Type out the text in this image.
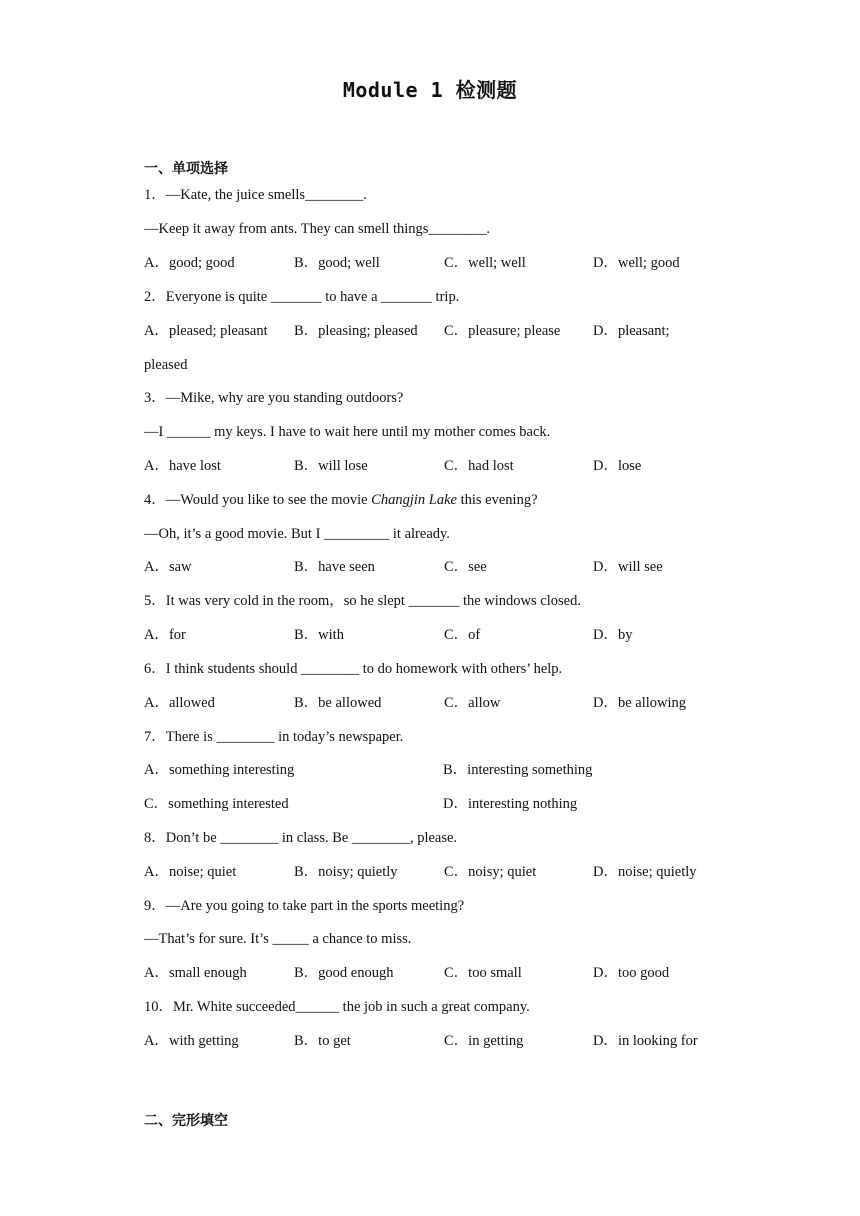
Module 1 检测题
一、单项选择
1．—Kate, the juice smells________.
—Keep it away from ants. They can smell things________.
A．good; good	B．good; well	C．well; well	D．well; good
2．Everyone is quite _______ to have a _______ trip.
A．pleased; pleasant B．pleasing; pleased C．pleasure; please D．pleasant;
pleased
3．—Mike, why are you standing outdoors?
—I ______ my keys. I have to wait here until my mother comes back.
A．have lost	B．will lose	C．had lost	D．lose
4．—Would you like to see the movie Changjin Lake this evening?
—Oh, it’s a good movie. But I _________ it already.
A．saw	B．have seen	C．see	D．will see
5．It was very cold in the room，so he slept _______ the windows closed.
A．for	B．with	C．of	D．by
6．I think students should ________ to do homework with others’ help.
A．allowed	B．be allowed	C．allow	D．be allowing
7．There is ________ in today’s newspaper.
A．something interesting	B．interesting something
C．something interested	D．interesting nothing
8．Don’t be ________ in class. Be ________, please.
A．noise; quiet	B．noisy; quietly	C．noisy; quiet	D．noise; quietly
9．—Are you going to take part in the sports meeting?
—That’s for sure. It’s _____ a chance to miss.
A．small enough	B．good enough	C．too small	D．too good
10．Mr. White succeeded______ the job in such a great company.
A．with getting	B．to get	C．in getting	D．in looking for
二、完形填空
